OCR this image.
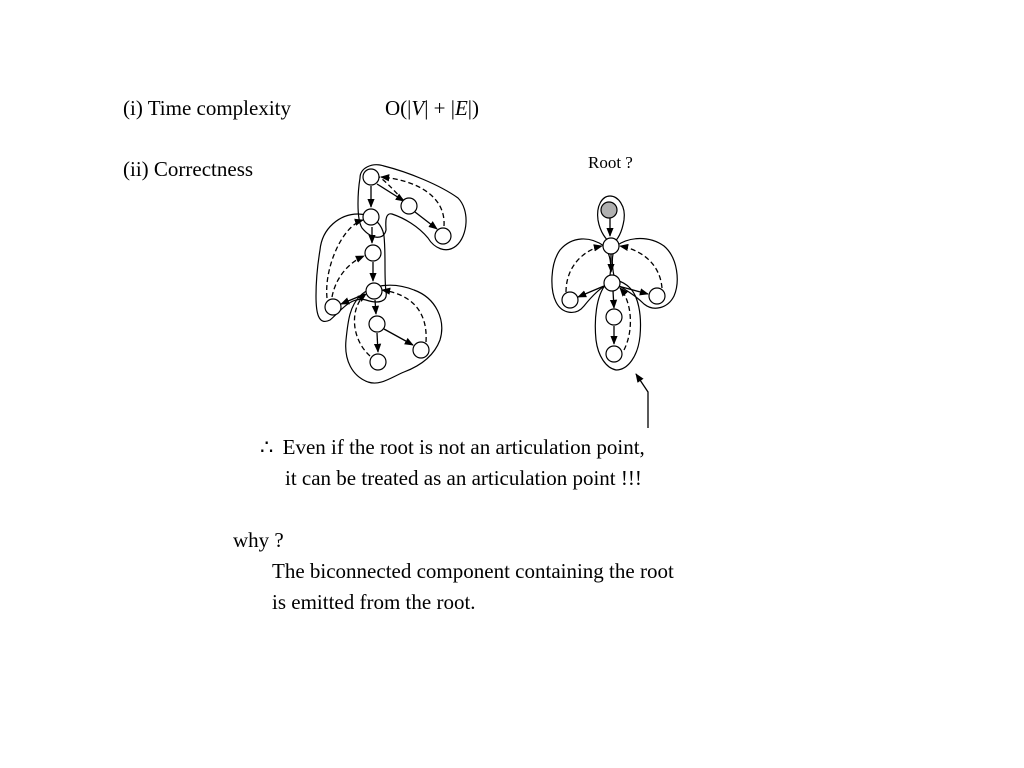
(i) Time complexity	O(|V| + |E|)
(ii) Correctness	Root ?
∴ Even if the root is not an articulation point,
it can be treated as an articulation point !!!
why ?
The biconnected component containing the root
is emitted from the root.
